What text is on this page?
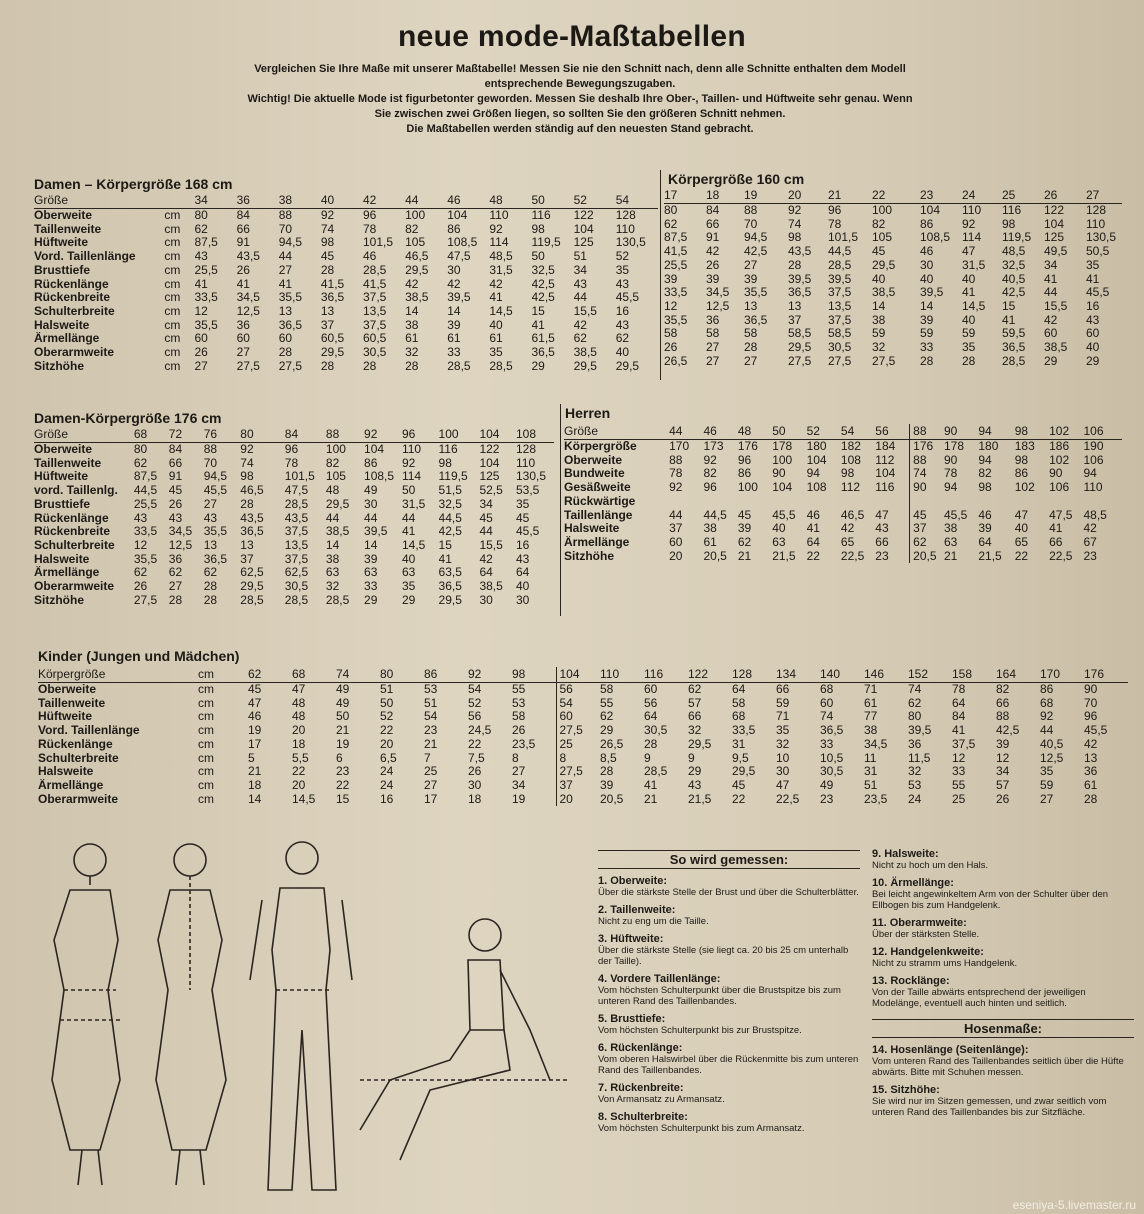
neue mode-Maßtabellen
Vergleichen Sie Ihre Maße mit unserer Maßtabelle! Messen Sie nie den Schnitt nach, denn alle Schnitte enthalten dem Modell
entsprechende Bewegungszugaben.
Wichtig! Die aktuelle Mode ist figurbetonter geworden. Messen Sie deshalb Ihre Ober-, Taillen- und Hüftweite sehr genau. Wenn
Sie zwischen zwei Größen liegen, so sollten Sie den größeren Schnitt nehmen.
Die Maßtabellen werden ständig auf den neuesten Stand gebracht.
Damen – Körpergröße 168 cm
Größe		34	36	38	40	42	44	46	48	50	52	54
Oberweite	cm	80	84	88	92	96	100	104	110	116	122	128
Taillenweite	cm	62	66	70	74	78	82	86	92	98	104	110
Hüftweite	cm	87,5	91	94,5	98	101,5	105	108,5	114	119,5	125	130,5
Vord. Taillenlänge	cm	43	43,5	44	45	46	46,5	47,5	48,5	50	51	52
Brusttiefe	cm	25,5	26	27	28	28,5	29,5	30	31,5	32,5	34	35
Rückenlänge	cm	41	41	41	41,5	41,5	42	42	42	42,5	43	43
Rückenbreite	cm	33,5	34,5	35,5	36,5	37,5	38,5	39,5	41	42,5	44	45,5
Schulterbreite	cm	12	12,5	13	13	13,5	14	14	14,5	15	15,5	16
Halsweite	cm	35,5	36	36,5	37	37,5	38	39	40	41	42	43
Ärmellänge	cm	60	60	60	60,5	60,5	61	61	61	61,5	62	62
Oberarmweite	cm	26	27	28	29,5	30,5	32	33	35	36,5	38,5	40
Sitzhöhe	cm	27	27,5	27,5	28	28	28	28,5	28,5	29	29,5	29,5
Körpergröße 160 cm
17	18	19	20	21	22	23	24	25	26	27
80	84	88	92	96	100	104	110	116	122	128
62	66	70	74	78	82	86	92	98	104	110
87,5	91	94,5	98	101,5	105	108,5	114	119,5	125	130,5
41,5	42	42,5	43,5	44,5	45	46	47	48,5	49,5	50,5
25,5	26	27	28	28,5	29,5	30	31,5	32,5	34	35
39	39	39	39,5	39,5	40	40	40	40,5	41	41
33,5	34,5	35,5	36,5	37,5	38,5	39,5	41	42,5	44	45,5
12	12,5	13	13	13,5	14	14	14,5	15	15,5	16
35,5	36	36,5	37	37,5	38	39	40	41	42	43
58	58	58	58,5	58,5	59	59	59	59,5	60	60
26	27	28	29,5	30,5	32	33	35	36,5	38,5	40
26,5	27	27	27,5	27,5	27,5	28	28	28,5	29	29
Damen-Körpergröße 176 cm
Größe	68	72	76	80	84	88	92	96	100	104	108
Oberweite	80	84	88	92	96	100	104	110	116	122	128
Taillenweite	62	66	70	74	78	82	86	92	98	104	110
Hüftweite	87,5	91	94,5	98	101,5	105	108,5	114	119,5	125	130,5
vord. Taillenlg.	44,5	45	45,5	46,5	47,5	48	49	50	51,5	52,5	53,5
Brusttiefe	25,5	26	27	28	28,5	29,5	30	31,5	32,5	34	35
Rückenlänge	43	43	43	43,5	43,5	44	44	44	44,5	45	45
Rückenbreite	33,5	34,5	35,5	36,5	37,5	38,5	39,5	41	42,5	44	45,5
Schulterbreite	12	12,5	13	13	13,5	14	14	14,5	15	15,5	16
Halsweite	35,5	36	36,5	37	37,5	38	39	40	41	42	43
Ärmellänge	62	62	62	62,5	62,5	63	63	63	63,5	64	64
Oberarmweite	26	27	28	29,5	30,5	32	33	35	36,5	38,5	40
Sitzhöhe	27,5	28	28	28,5	28,5	28,5	29	29	29,5	30	30
Herren
Größe	44	46	48	50	52	54	56	88	90	94	98	102	106
Körpergröße	170	173	176	178	180	182	184	176	178	180	183	186	190
Oberweite	88	92	96	100	104	108	112	88	90	94	98	102	106
Bundweite	78	82	86	90	94	98	104	74	78	82	86	90	94
Gesäßweite	92	96	100	104	108	112	116	90	94	98	102	106	110
Rückwärtige													
Taillenlänge	44	44,5	45	45,5	46	46,5	47	45	45,5	46	47	47,5	48,5
Halsweite	37	38	39	40	41	42	43	37	38	39	40	41	42
Ärmellänge	60	61	62	63	64	65	66	62	63	64	65	66	67
Sitzhöhe	20	20,5	21	21,5	22	22,5	23	20,5	21	21,5	22	22,5	23
Kinder (Jungen und Mädchen)
Körpergröße	cm	62	68	74	80	86	92	98	104	110	116	122	128	134	140	146	152	158	164	170	176
Oberweite	cm	45	47	49	51	53	54	55	56	58	60	62	64	66	68	71	74	78	82	86	90
Taillenweite	cm	47	48	49	50	51	52	53	54	55	56	57	58	59	60	61	62	64	66	68	70
Hüftweite	cm	46	48	50	52	54	56	58	60	62	64	66	68	71	74	77	80	84	88	92	96
Vord. Taillenlänge	cm	19	20	21	22	23	24,5	26	27,5	29	30,5	32	33,5	35	36,5	38	39,5	41	42,5	44	45,5
Rückenlänge	cm	17	18	19	20	21	22	23,5	25	26,5	28	29,5	31	32	33	34,5	36	37,5	39	40,5	42
Schulterbreite	cm	5	5,5	6	6,5	7	7,5	8	8	8,5	9	9	9,5	10	10,5	11	11,5	12	12	12,5	13
Halsweite	cm	21	22	23	24	25	26	27	27,5	28	28,5	29	29,5	30	30,5	31	32	33	34	35	36
Ärmellänge	cm	18	20	22	24	27	30	34	37	39	41	43	45	47	49	51	53	55	57	59	61
Oberarmweite	cm	14	14,5	15	16	17	18	19	20	20,5	21	21,5	22	22,5	23	23,5	24	25	26	27	28
So wird gemessen:
1. Oberweite:
Über die stärkste Stelle der Brust und über die Schulterblätter.
2. Taillenweite:
Nicht zu eng um die Taille.
3. Hüftweite:
Über die stärkste Stelle (sie liegt ca. 20 bis 25 cm unterhalb der Taille).
4. Vordere Taillenlänge:
Vom höchsten Schulterpunkt über die Brustspitze bis zum unteren Rand des Taillenbandes.
5. Brusttiefe:
Vom höchsten Schulterpunkt bis zur Brustspitze.
6. Rückenlänge:
Vom oberen Halswirbel über die Rückenmitte bis zum unteren Rand des Taillenbandes.
7. Rückenbreite:
Von Armansatz zu Armansatz.
8. Schulterbreite:
Vom höchsten Schulterpunkt bis zum Armansatz.
9. Halsweite:
Nicht zu hoch um den Hals.
10. Ärmellänge:
Bei leicht angewinkeltem Arm von der Schulter über den Ellbogen bis zum Handgelenk.
11. Oberarmweite:
Über der stärksten Stelle.
12. Handgelenkweite:
Nicht zu stramm ums Handgelenk.
13. Rocklänge:
Von der Taille abwärts entsprechend der jeweiligen Modelänge, eventuell auch hinten und seitlich.
Hosenmaße:
14. Hosenlänge (Seitenlänge):
Vom unteren Rand des Taillenbandes seitlich über die Hüfte abwärts. Bitte mit Schuhen messen.
15. Sitzhöhe:
Sie wird nur im Sitzen gemessen, und zwar seitlich vom unteren Rand des Taillenbandes bis zur Sitzfläche.
eseniya-5.livemaster.ru
